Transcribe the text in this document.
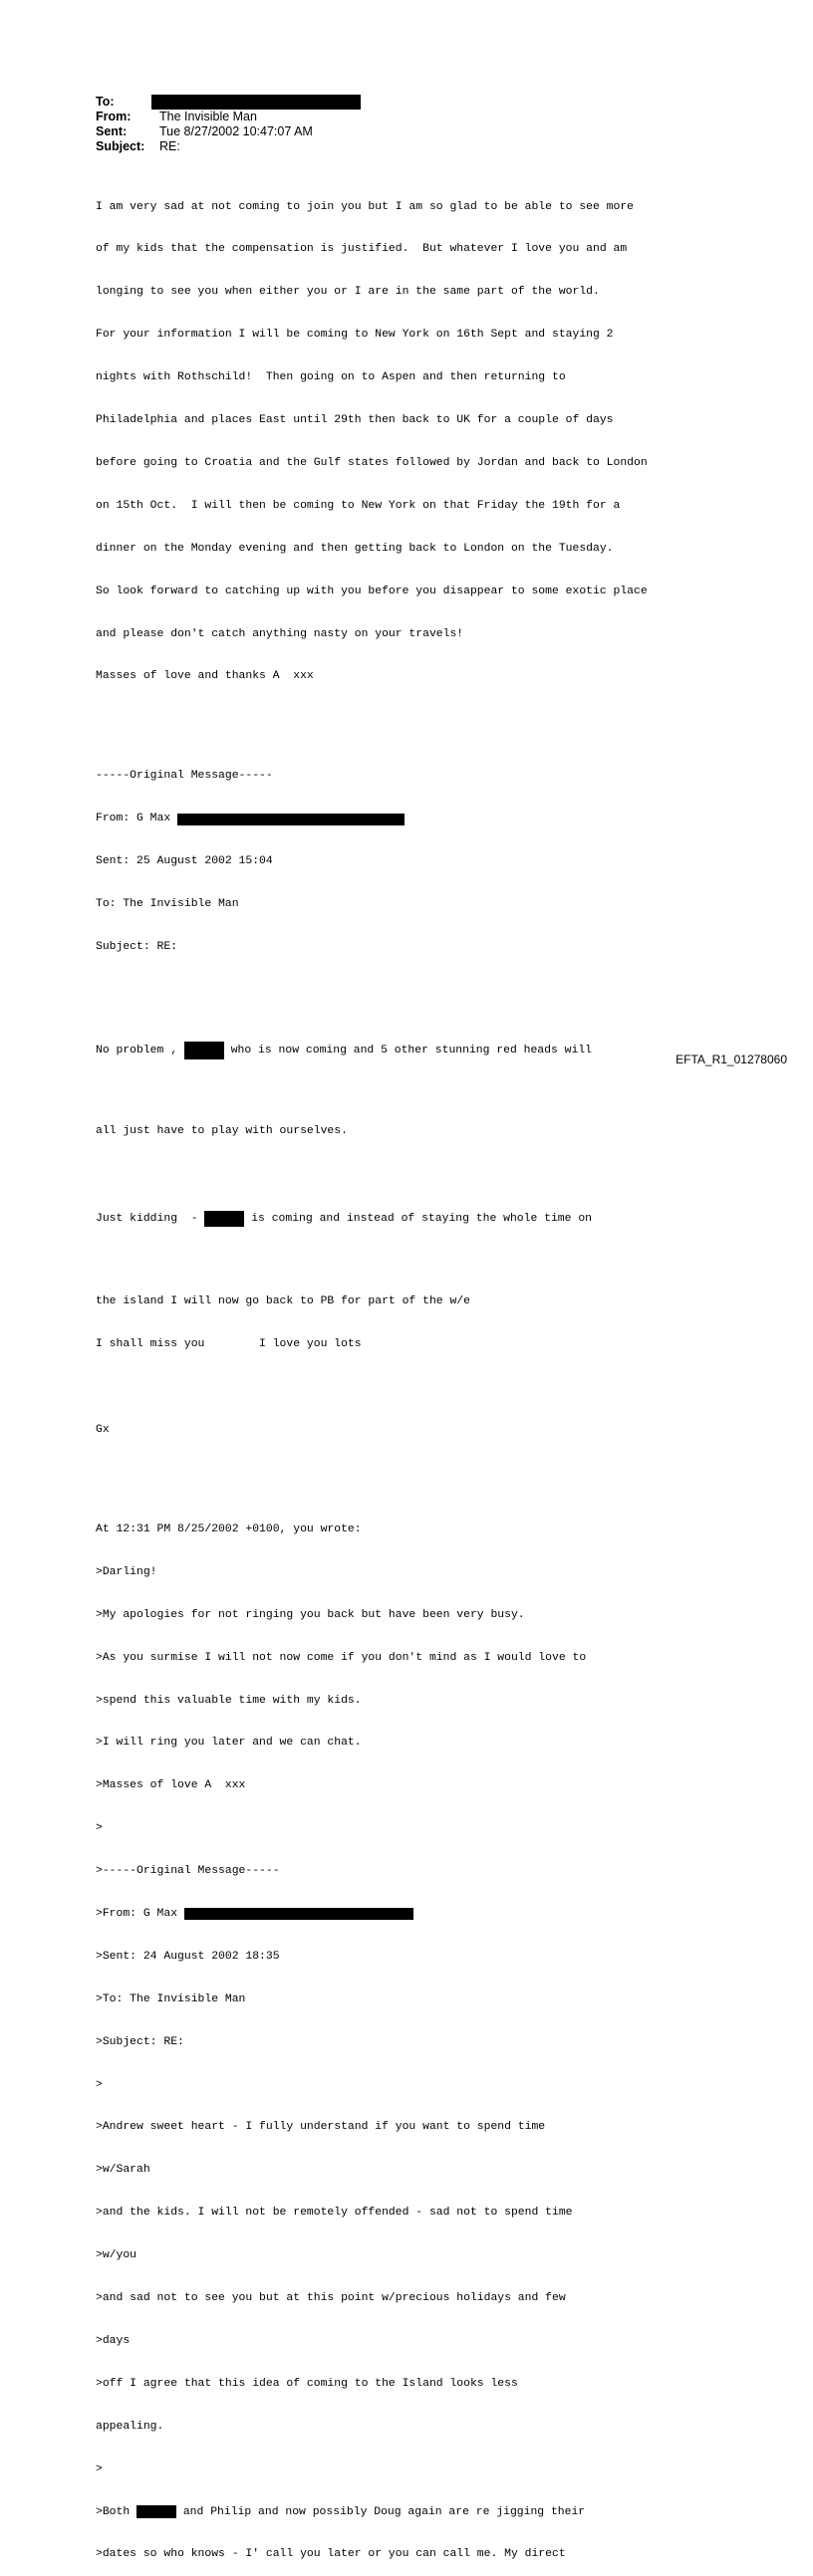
To:
From:	The Invisible Man
Sent:	Tue 8/27/2002 10:47:07 AM
Subject:	RE:

I am very sad at not coming to join you but I am so glad to be able to see more

of my kids that the compensation is justified.  But whatever I love you and am

longing to see you when either you or I are in the same part of the world.

For your information I will be coming to New York on 16th Sept and staying 2

nights with Rothschild!  Then going on to Aspen and then returning to

Philadelphia and places East until 29th then back to UK for a couple of days

before going to Croatia and the Gulf states followed by Jordan and back to London

on 15th Oct.  I will then be coming to New York on that Friday the 19th for a

dinner on the Monday evening and then getting back to London on the Tuesday.

So look forward to catching up with you before you disappear to some exotic place

and please don't catch anything nasty on your travels!

Masses of love and thanks A  xxx

-----Original Message-----

From: G Max

Sent: 25 August 2002 15:04

To: The Invisible Man

Subject: RE:

No problem ,	who is now coming and 5 other stunning red heads will

all just have to play with ourselves.

Just kidding  -	is coming and instead of staying the whole time on

the island I will now go back to PB for part of the w/e

I shall miss you        I love you lots

Gx

At 12:31 PM 8/25/2002 +0100, you wrote:

>Darling!

>My apologies for not ringing you back but have been very busy.

>As you surmise I will not now come if you don't mind as I would love to

>spend this valuable time with my kids.

>I will ring you later and we can chat.

>Masses of love A  xxx

>

>-----Original Message-----

>From: G Max

>Sent: 24 August 2002 18:35

>To: The Invisible Man

>Subject: RE:

>

>Andrew sweet heart - I fully understand if you want to spend time

>w/Sarah

>and the kids. I will not be remotely offended - sad not to spend time

>w/you

>and sad not to see you but at this point w/precious holidays and few

>days

>off I agree that this idea of coming to the Island looks less

appealing.

>

>Both	and Philip and now possibly Doug again are re jigging their

>dates so who knows - I' call you later or you can call me. My direct

EFTA_R1_01278060
